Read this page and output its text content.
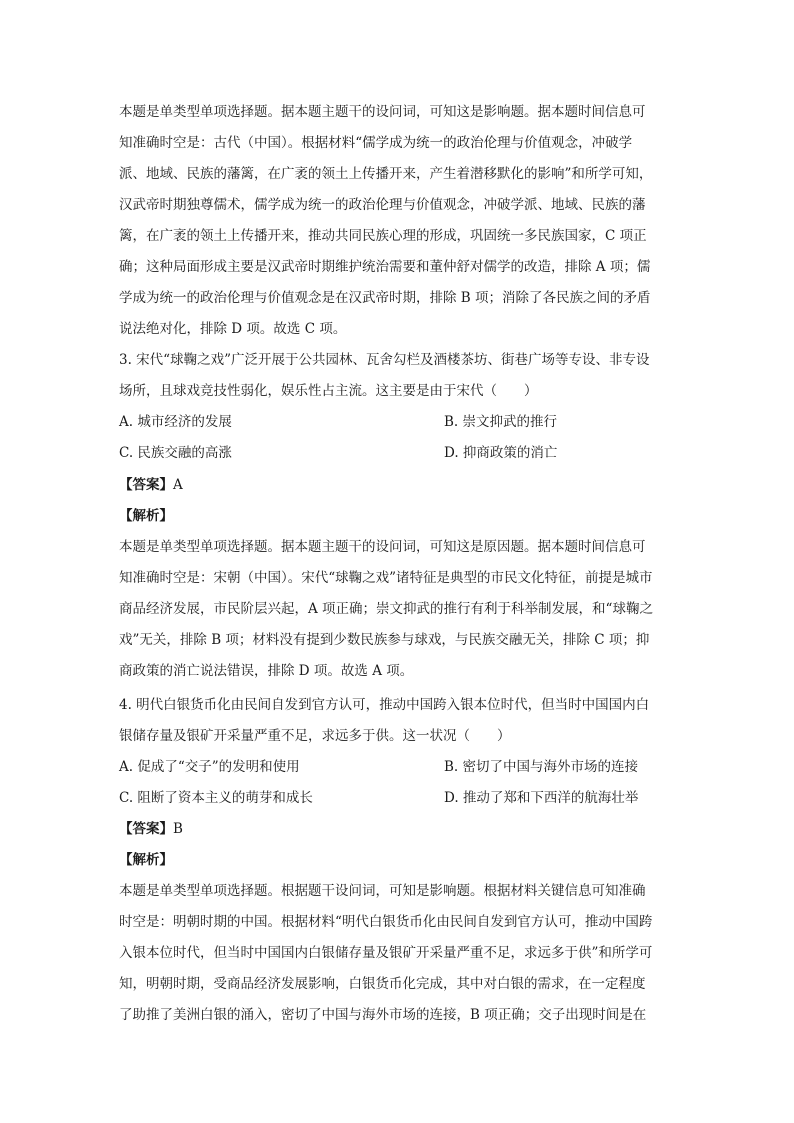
本题是单类型单项选择题。据本题主题干的设问词，可知这是影响题。据本题时间信息可
知准确时空是：古代（中国）。根据材料“儒学成为统一的政治伦理与价值观念，冲破学
派、地域、民族的藩篱，在广袤的领土上传播开来，产生着潜移默化的影响”和所学可知，
汉武帝时期独尊儒术，儒学成为统一的政治伦理与价值观念，冲破学派、地域、民族的藩
篱，在广袤的领土上传播开来，推动共同民族心理的形成，巩固统一多民族国家，C 项正
确；这种局面形成主要是汉武帝时期维护统治需要和董仲舒对儒学的改造，排除 A 项；儒
学成为统一的政治伦理与价值观念是在汉武帝时期，排除 B 项；消除了各民族之间的矛盾
说法绝对化，排除 D 项。故选 C 项。
3. 宋代“球鞠之戏”广泛开展于公共园林、瓦舍勾栏及酒楼茶坊、街巷广场等专设、非专设
场所，且球戏竞技性弱化，娱乐性占主流。这主要是由于宋代（　　）
A. 城市经济的发展	B. 崇文抑武的推行
C. 民族交融的高涨	D. 抑商政策的消亡
【答案】A
【解析】
本题是单类型单项选择题。据本题主题干的设问词，可知这是原因题。据本题时间信息可
知准确时空是：宋朝（中国）。宋代“球鞠之戏”诸特征是典型的市民文化特征，前提是城市
商品经济发展，市民阶层兴起，A 项正确；崇文抑武的推行有利于科举制发展，和“球鞠之
戏”无关，排除 B 项；材料没有提到少数民族参与球戏，与民族交融无关，排除 C 项；抑
商政策的消亡说法错误，排除 D 项。故选 A 项。
4. 明代白银货币化由民间自发到官方认可，推动中国跨入银本位时代，但当时中国国内白
银储存量及银矿开采量严重不足，求远多于供。这一状况（　　）
A. 促成了“交子”的发明和使用	B. 密切了中国与海外市场的连接
C. 阻断了资本主义的萌芽和成长	D. 推动了郑和下西洋的航海壮举
【答案】B
【解析】
本题是单类型单项选择题。根据题干设问词，可知是影响题。根据材料关键信息可知准确
时空是：明朝时期的中国。根据材料“明代白银货币化由民间自发到官方认可，推动中国跨
入银本位时代，但当时中国国内白银储存量及银矿开采量严重不足，求远多于供”和所学可
知，明朝时期，受商品经济发展影响，白银货币化完成，其中对白银的需求，在一定程度
了助推了美洲白银的涌入，密切了中国与海外市场的连接，B 项正确；交子出现时间是在
